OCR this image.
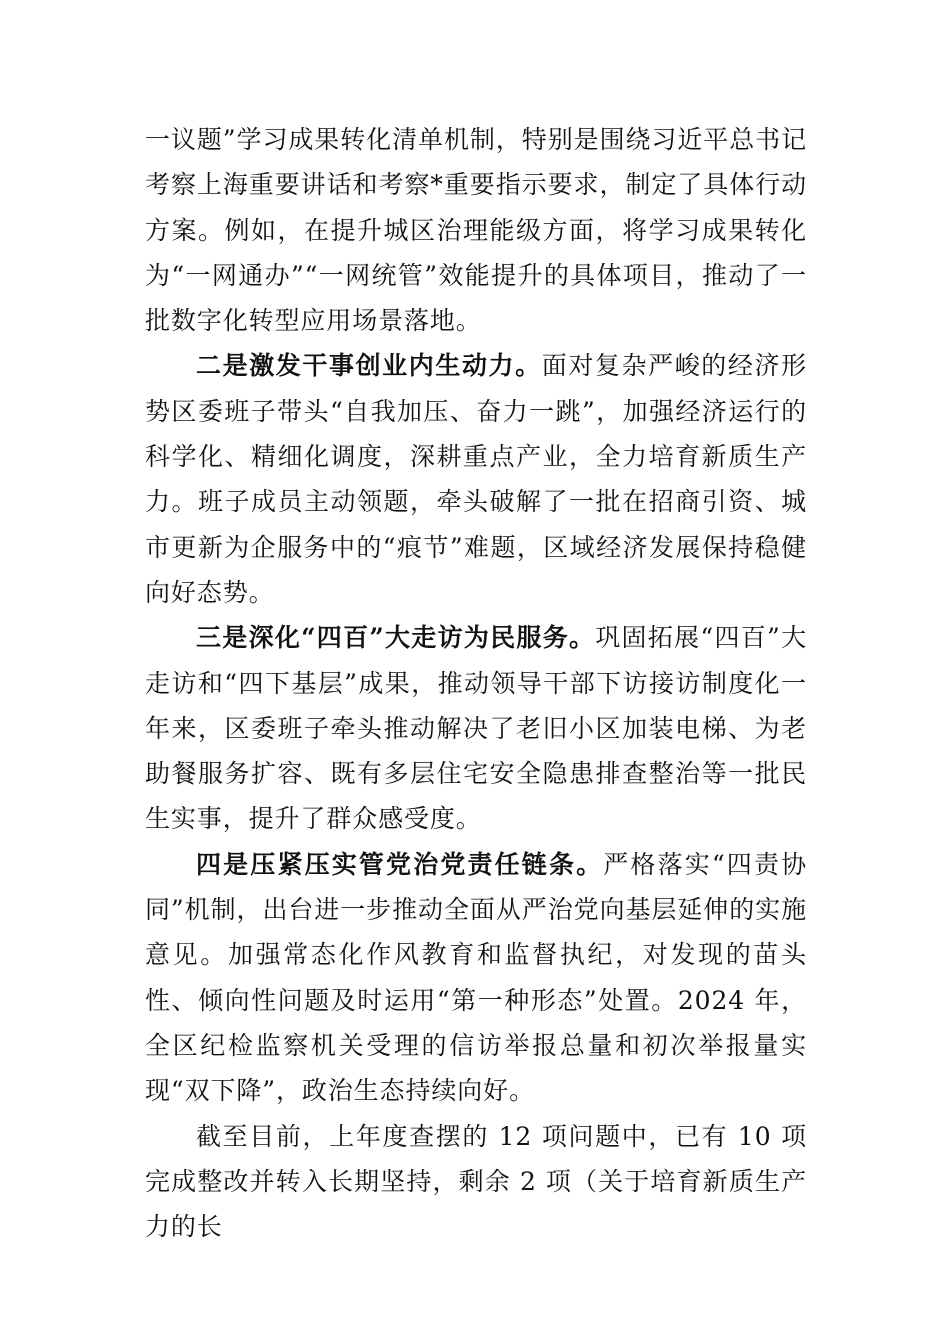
一议题”学习成果转化清单机制，特别是围绕习近平总书记考察上海重要讲话和考察*重要指示要求，制定了具体行动方案。例如，在提升城区治理能级方面，将学习成果转化为“一网通办”“一网统管”效能提升的具体项目，推动了一批数字化转型应用场景落地。

二是激发干事创业内生动力。面对复杂严峻的经济形势区委班子带头“自我加压、奋力一跳”，加强经济运行的科学化、精细化调度，深耕重点产业，全力培育新质生产力。班子成员主动领题，牵头破解了一批在招商引资、城市更新为企服务中的“痕节”难题，区域经济发展保持稳健向好态势。

三是深化“四百”大走访为民服务。巩固拓展“四百”大走访和“四下基层”成果，推动领导干部下访接访制度化一年来，区委班子牵头推动解决了老旧小区加装电梯、为老助餐服务扩容、既有多层住宅安全隐患排查整治等一批民生实事，提升了群众感受度。

四是压紧压实管党治党责任链条。严格落实“四责协同”机制，出台进一步推动全面从严治党向基层延伸的实施意见。加强常态化作风教育和监督执纪，对发现的苗头性、倾向性问题及时运用“第一种形态”处置。2024 年，全区纪检监察机关受理的信访举报总量和初次举报量实现“双下降”，政治生态持续向好。

截至目前，上年度查摆的 12 项问题中，已有 10 项完成整改并转入长期坚持，剩余 2 项（关于培育新质生产力的长
